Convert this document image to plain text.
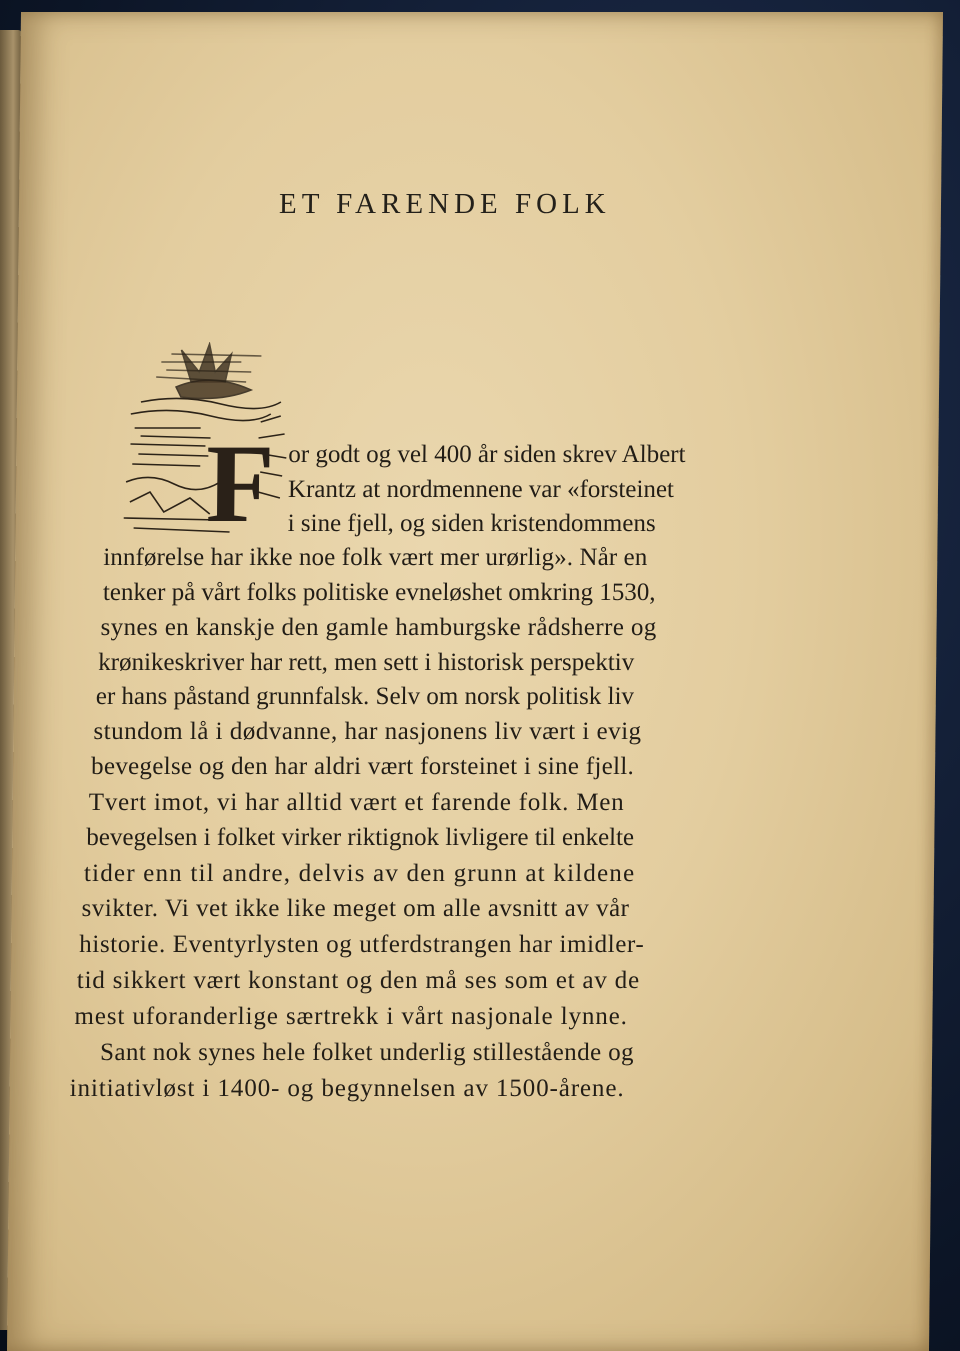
ET FARENDE FOLK
F or godt og vel 400 år siden skrev Albert
Krantz at nordmennene var «forsteinet
i sine fjell, og siden kristendommens
innførelse har ikke noe folk vært mer urørlig». Når en
tenker på vårt folks politiske evneløshet omkring 1530,
synes en kanskje den gamle hamburgske rådsherre og
krønikeskriver har rett, men sett i historisk perspektiv
er hans påstand grunnfalsk. Selv om norsk politisk liv
stundom lå i dødvanne, har nasjonens liv vært i evig
bevegelse og den har aldri vært forsteinet i sine fjell.
Tvert imot, vi har alltid vært et farende folk. Men
bevegelsen i folket virker riktignok livligere til enkelte
tider enn til andre, delvis av den grunn at kildene
svikter. Vi vet ikke like meget om alle avsnitt av vår
historie. Eventyrlysten og utferdstrangen har imidler-
tid sikkert vært konstant og den må ses som et av de
mest uforanderlige særtrekk i vårt nasjonale lynne.
Sant nok synes hele folket underlig stillestående og
initiativløst i 1400- og begynnelsen av 1500-årene.
